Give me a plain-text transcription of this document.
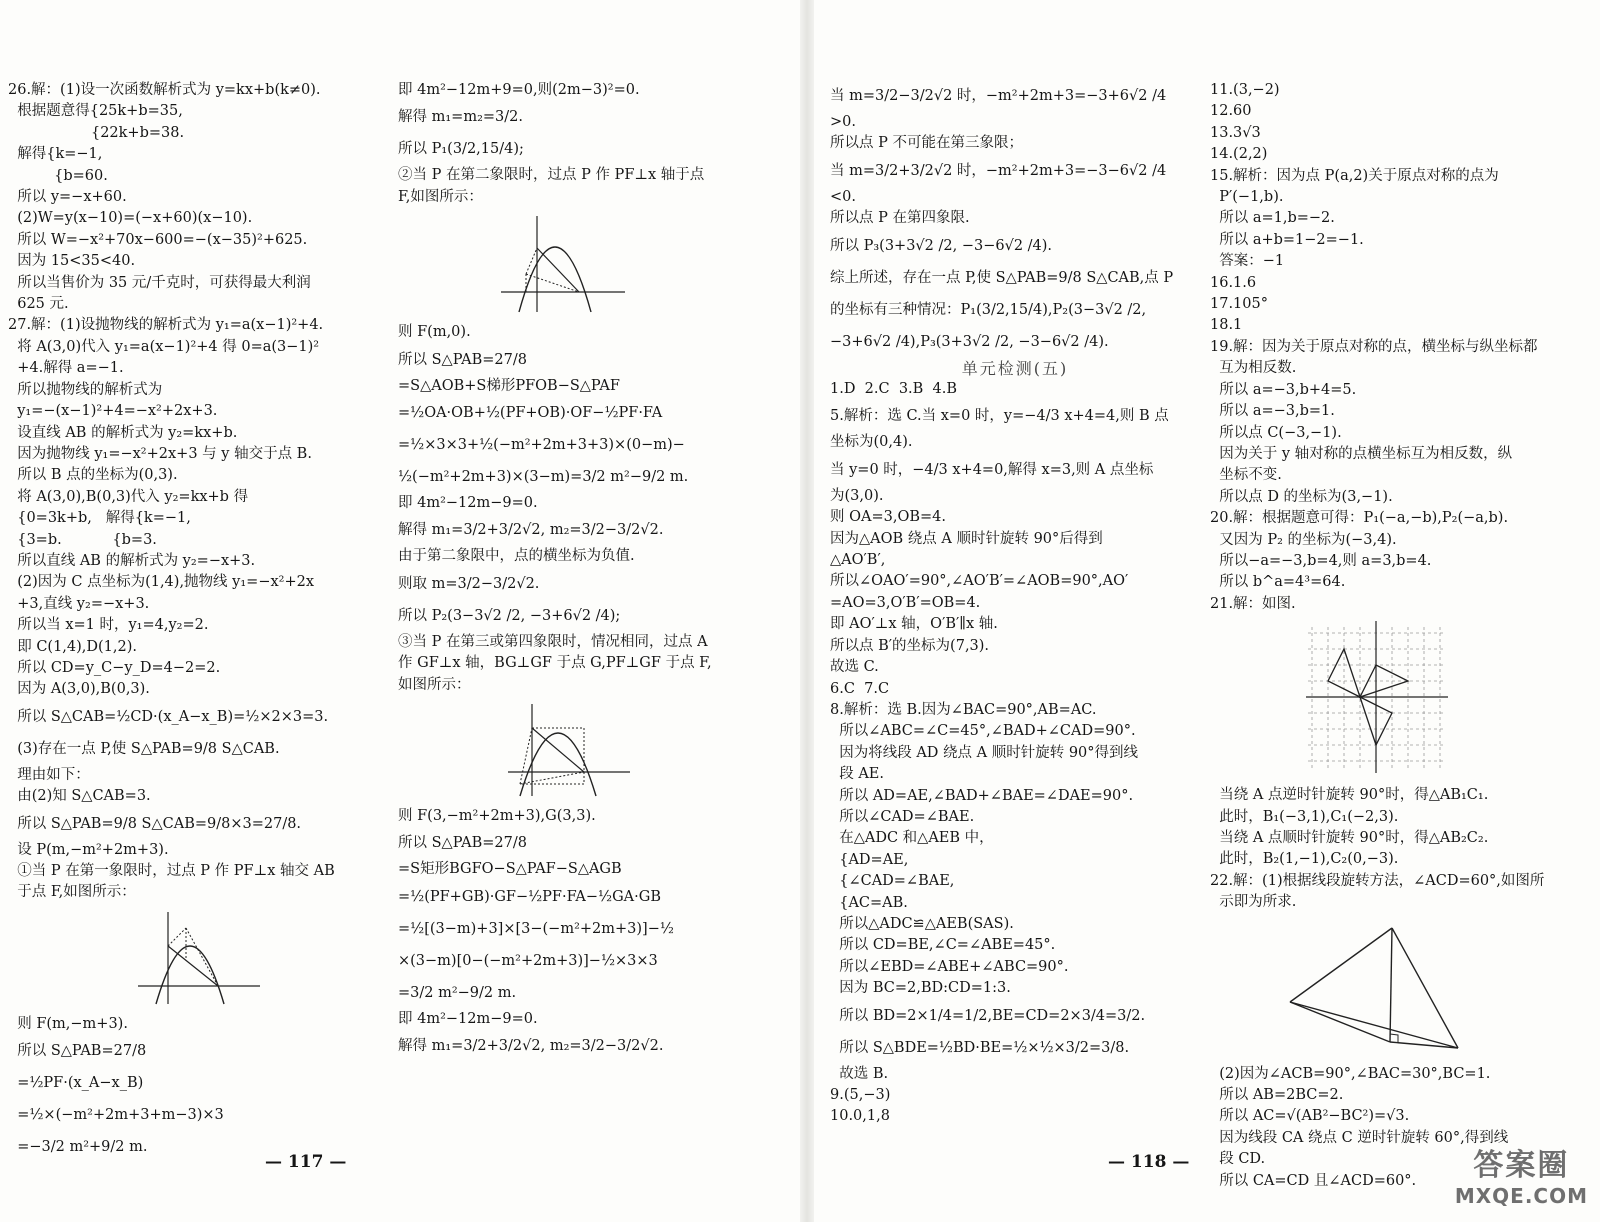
26.解：(1)设一次函数解析式为 y=kx+b(k≠0).
根据题意得{25k+b=35,
{22k+b=38.
解得{k=−1,
{b=60.
所以 y=−x+60.
(2)W=y(x−10)=(−x+60)(x−10).
所以 W=−x²+70x−600=−(x−35)²+625.
因为 15<35<40.
所以当售价为 35 元/千克时，可获得最大利润
625 元.
27.解：(1)设抛物线的解析式为 y₁=a(x−1)²+4.
将 A(3,0)代入 y₁=a(x−1)²+4 得 0=a(3−1)²
+4.解得 a=−1.
所以抛物线的解析式为
y₁=−(x−1)²+4=−x²+2x+3.
设直线 AB 的解析式为 y₂=kx+b.
因为抛物线 y₁=−x²+2x+3 与 y 轴交于点 B.
所以 B 点的坐标为(0,3).
将 A(3,0),B(0,3)代入 y₂=kx+b 得
{0=3k+b,   解得{k=−1,
{3=b.           {b=3.
所以直线 AB 的解析式为 y₂=−x+3.
(2)因为 C 点坐标为(1,4),抛物线 y₁=−x²+2x
+3,直线 y₂=−x+3.
所以当 x=1 时，y₁=4,y₂=2.
即 C(1,4),D(1,2).
所以 CD=y_C−y_D=4−2=2.
因为 A(3,0),B(0,3).
所以 S△CAB=½CD·(x_A−x_B)=½×2×3=3.
(3)存在一点 P,使 S△PAB=9/8 S△CAB.
理由如下：
由(2)知 S△CAB=3.
所以 S△PAB=9/8 S△CAB=9/8×3=27/8.
设 P(m,−m²+2m+3).
①当 P 在第一象限时，过点 P 作 PF⊥x 轴交 AB
于点 F,如图所示：
则 F(m,−m+3).
所以 S△PAB=27/8
=½PF·(x_A−x_B)
=½×(−m²+2m+3+m−3)×3
=−3/2 m²+9/2 m.
即 4m²−12m+9=0,则(2m−3)²=0.
解得 m₁=m₂=3/2.
所以 P₁(3/2,15/4);
②当 P 在第二象限时，过点 P 作 PF⊥x 轴于点
F,如图所示：
则 F(m,0).
所以 S△PAB=27/8
=S△AOB+S梯形PFOB−S△PAF
=½OA·OB+½(PF+OB)·OF−½PF·FA
=½×3×3+½(−m²+2m+3+3)×(0−m)−
½(−m²+2m+3)×(3−m)=3/2 m²−9/2 m.
即 4m²−12m−9=0.
解得 m₁=3/2+3/2√2, m₂=3/2−3/2√2.
由于第二象限中，点的横坐标为负值.
则取 m=3/2−3/2√2.
所以 P₂(3−3√2 /2, −3+6√2 /4);
③当 P 在第三或第四象限时，情况相同，过点 A
作 GF⊥x 轴，BG⊥GF 于点 G,PF⊥GF 于点 F,
如图所示：
则 F(3,−m²+2m+3),G(3,3).
所以 S△PAB=27/8
=S矩形BGFO−S△PAF−S△AGB
=½(PF+GB)·GF−½PF·FA−½GA·GB
=½[(3−m)+3]×[3−(−m²+2m+3)]−½
×(3−m)[0−(−m²+2m+3)]−½×3×3
=3/2 m²−9/2 m.
即 4m²−12m−9=0.
解得 m₁=3/2+3/2√2, m₂=3/2−3/2√2.
当 m=3/2−3/2√2 时，−m²+2m+3=−3+6√2 /4
>0.
所以点 P 不可能在第三象限；
当 m=3/2+3/2√2 时，−m²+2m+3=−3−6√2 /4
<0.
所以点 P 在第四象限.
所以 P₃(3+3√2 /2, −3−6√2 /4).
综上所述，存在一点 P,使 S△PAB=9/8 S△CAB,点 P
的坐标有三种情况：P₁(3/2,15/4),P₂(3−3√2 /2,
−3+6√2 /4),P₃(3+3√2 /2, −3−6√2 /4).
单元检测(五)
1.D  2.C  3.B  4.B
5.解析：选 C.当 x=0 时，y=−4/3 x+4=4,则 B 点
坐标为(0,4).
当 y=0 时，−4/3 x+4=0,解得 x=3,则 A 点坐标
为(3,0).
则 OA=3,OB=4.
因为△AOB 绕点 A 顺时针旋转 90°后得到
△AO′B′,
所以∠OAO′=90°,∠AO′B′=∠AOB=90°,AO′
=AO=3,O′B′=OB=4.
即 AO′⊥x 轴，O′B′∥x 轴.
所以点 B′的坐标为(7,3).
故选 C.
6.C  7.C
8.解析：选 B.因为∠BAC=90°,AB=AC.
所以∠ABC=∠C=45°,∠BAD+∠CAD=90°.
因为将线段 AD 绕点 A 顺时针旋转 90°得到线
段 AE.
所以 AD=AE,∠BAD+∠BAE=∠DAE=90°.
所以∠CAD=∠BAE.
在△ADC 和△AEB 中，
{AD=AE,
{∠CAD=∠BAE,
{AC=AB.
所以△ADC≌△AEB(SAS).
所以 CD=BE,∠C=∠ABE=45°.
所以∠EBD=∠ABE+∠ABC=90°.
因为 BC=2,BD:CD=1:3.
所以 BD=2×1/4=1/2,BE=CD=2×3/4=3/2.
所以 S△BDE=½BD·BE=½×½×3/2=3/8.
故选 B.
9.(5,−3)
10.0,1,8
11.(3,−2)
12.60
13.3√3
14.(2,2)
15.解析：因为点 P(a,2)关于原点对称的点为
P′(−1,b).
所以 a=1,b=−2.
所以 a+b=1−2=−1.
答案：−1
16.1.6
17.105°
18.1
19.解：因为关于原点对称的点，横坐标与纵坐标都
互为相反数.
所以 a=−3,b+4=5.
所以 a=−3,b=1.
所以点 C(−3,−1).
因为关于 y 轴对称的点横坐标互为相反数，纵
坐标不变.
所以点 D 的坐标为(3,−1).
20.解：根据题意可得：P₁(−a,−b),P₂(−a,b).
又因为 P₂ 的坐标为(−3,4).
所以−a=−3,b=4,则 a=3,b=4.
所以 b^a=4³=64.
21.解：如图.
当绕 A 点逆时针旋转 90°时，得△AB₁C₁.
此时，B₁(−3,1),C₁(−2,3).
当绕 A 点顺时针旋转 90°时，得△AB₂C₂.
此时，B₂(1,−1),C₂(0,−3).
22.解：(1)根据线段旋转方法，∠ACD=60°,如图所
示即为所求.
(2)因为∠ACB=90°,∠BAC=30°,BC=1.
所以 AB=2BC=2.
所以 AC=√(AB²−BC²)=√3.
因为线段 CA 绕点 C 逆时针旋转 60°,得到线
段 CD.
所以 CA=CD 且∠ACD=60°.
— 117 —	— 118 —	答案圈
MXQE.COM
